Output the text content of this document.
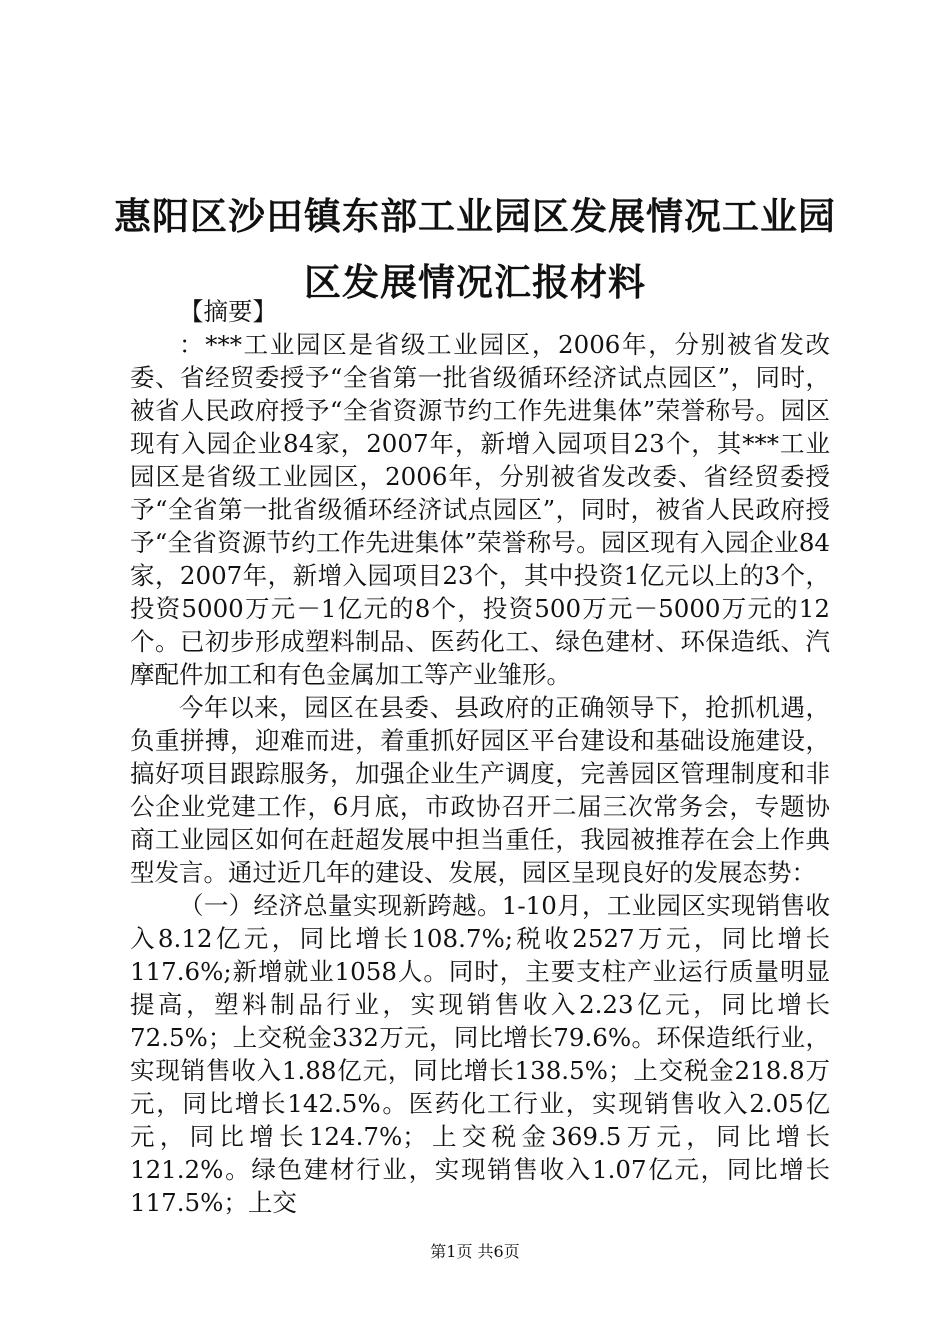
惠阳区沙田镇东部工业园区发展情况工业园区发展情况汇报材料

【摘要】

：***工业园区是省级工业园区，2006年，分别被省发改委、省经贸委授予“全省第一批省级循环经济试点园区”，同时，被省人民政府授予“全省资源节约工作先进集体”荣誉称号。园区现有入园企业84家，2007年，新增入园项目23个，其***工业园区是省级工业园区，2006年，分别被省发改委、省经贸委授予“全省第一批省级循环经济试点园区”，同时，被省人民政府授予“全省资源节约工作先进集体”荣誉称号。园区现有入园企业84家，2007年，新增入园项目23个，其中投资1亿元以上的3个，投资5000万元－1亿元的8个，投资500万元－5000万元的12个。已初步形成塑料制品、医药化工、绿色建材、环保造纸、汽摩配件加工和有色金属加工等产业雏形。

今年以来，园区在县委、县政府的正确领导下，抢抓机遇，负重拼搏，迎难而进，着重抓好园区平台建设和基础设施建设，搞好项目跟踪服务，加强企业生产调度，完善园区管理制度和非公企业党建工作，6月底，市政协召开二届三次常务会，专题协商工业园区如何在赶超发展中担当重任，我园被推荐在会上作典型发言。通过近几年的建设、发展，园区呈现良好的发展态势：

（一）经济总量实现新跨越。1-10月，工业园区实现销售收入8.12亿元，同比增长108.7%;税收2527万元，同比增长117.6%;新增就业1058人。同时，主要支柱产业运行质量明显提高，塑料制品行业，实现销售收入2.23亿元，同比增长72.5%；上交税金332万元，同比增长79.6%。环保造纸行业，实现销售收入1.88亿元，同比增长138.5%；上交税金218.8万元，同比增长142.5%。医药化工行业，实现销售收入2.05亿元，同比增长124.7%；上交税金369.5万元，同比增长121.2%。绿色建材行业，实现销售收入1.07亿元，同比增长117.5%；上交

第1页 共6页
